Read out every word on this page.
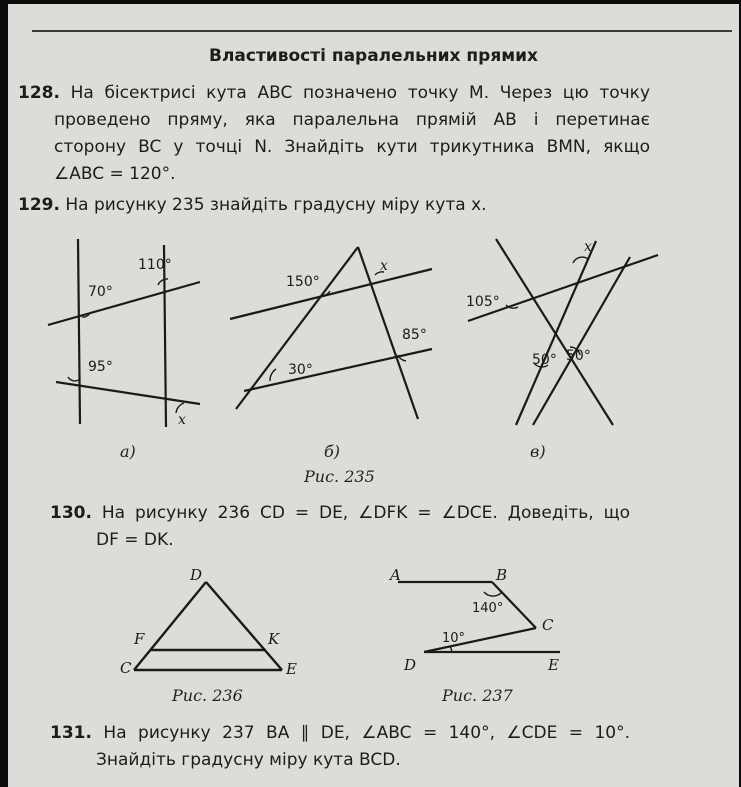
Властивості паралельних прямих
128. На бісектрисі кута ABC позначено точку M. Через цю точку
проведено пряму, яка паралельна прямій AB і перетинає
сторону BC у точці N. Знайдіть кути трикутника BMN, якщо
∠ABC = 120°.
129. На рисунку 235 знайдіть градусну міру кута x.
110°
70°
95°
x
150°
x
85°
30°
x
105°
50° 50°
а)	б)	в)
Рис. 235
130. На рисунку 236 CD = DE, ∠DFK = ∠DCE. Доведіть, що
DF = DK.
D
F	K
C	E
Рис. 236
A	B
C
D	E
140°
10°
Рис. 237
131. На рисунку 237 BA ∥ DE, ∠ABC = 140°, ∠CDE = 10°.
Знайдіть градусну міру кута BCD.
